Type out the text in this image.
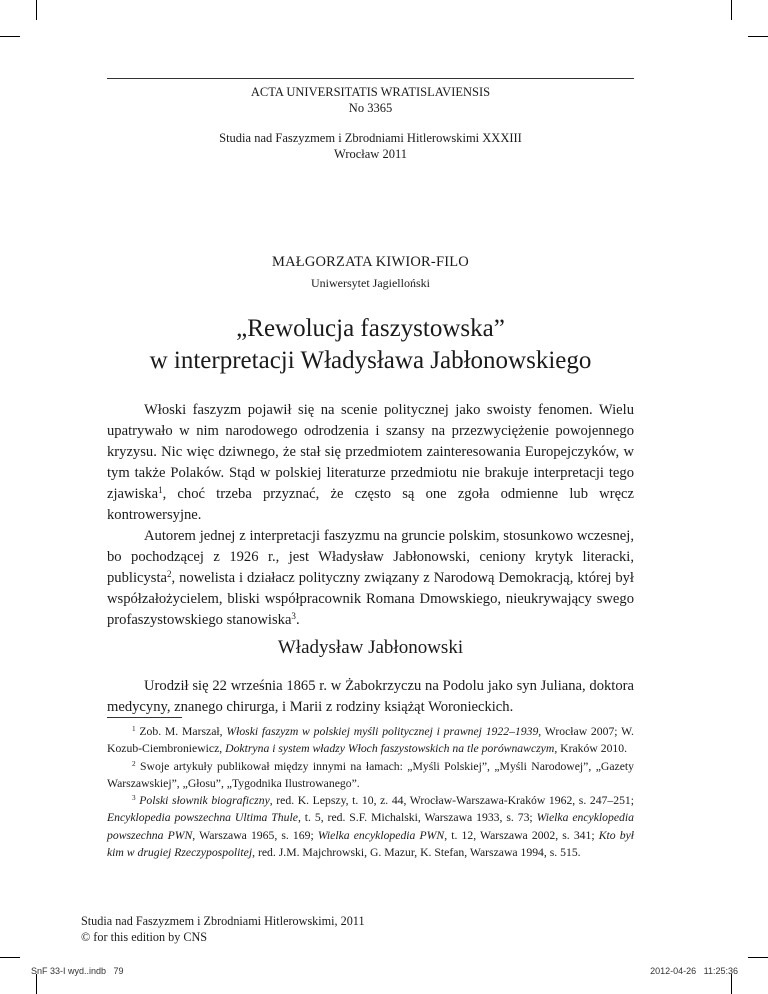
ACTA UNIVERSITATIS WRATISLAVIENSIS
No 3365
Studia nad Faszyzmem i Zbrodniami Hitlerowskimi XXXIII
Wrocław 2011
MAŁGORZATA KIWIOR-FILO
Uniwersytet Jagielloński
„Rewolucja faszystowska”
w interpretacji Władysława Jabłonowskiego

Włoski faszyzm pojawił się na scenie politycznej jako swoisty fenomen. Wielu upatrywało w nim narodowego odrodzenia i szansy na przezwyciężenie powojennego kryzysu. Nic więc dziwnego, że stał się przedmiotem zainteresowania Europejczyków, w tym także Polaków. Stąd w polskiej literaturze przedmiotu nie brakuje interpretacji tego zjawiska$^1$, choć trzeba przyznać, że często są one zgoła odmienne lub wręcz kontrowersyjne.

Autorem jednej z interpretacji faszyzmu na gruncie polskim, stosunkowo wczesnej, bo pochodzącej z 1926 r., jest Władysław Jabłonowski, ceniony krytyk literacki, publicysta$^2$, nowelista i działacz polityczny związany z Narodową Demokracją, której był współzałożycielem, bliski współpracownik Romana Dmowskiego, nieukrywający swego profaszystowskiego stanowiska$^3$.

Władysław Jabłonowski

Urodził się 22 września 1865 r. w Żabokrzyczu na Podolu jako syn Juliana, doktora medycyny, znanego chirurga, i Marii z rodziny książąt Woronieckich.

$^1$ Zob. M. Marszał, Włoski faszyzm w polskiej myśli politycznej i prawnej 1922–1939, Wrocław 2007; W. Kozub-Ciembroniewicz, Doktryna i system władzy Włoch faszystowskich na tle porównawczym, Kraków 2010.

$^2$ Swoje artykuły publikował między innymi na łamach: „Myśli Polskiej”, „Myśli Narodowej”, „Gazety Warszawskiej”, „Głosu”, „Tygodnika Ilustrowanego”.

$^3$ Polski słownik biograficzny, red. K. Lepszy, t. 10, z. 44, Wrocław-Warszawa-Kraków 1962, s. 247–251; Encyklopedia powszechna Ultima Thule, t. 5, red. S.F. Michalski, Warszawa 1933, s. 73; Wielka encyklopedia powszechna PWN, Warszawa 1965, s. 169; Wielka encyklopedia PWN, t. 12, Warszawa 2002, s. 341; Kto był kim w drugiej Rzeczypospolitej, red. J.M. Majchrowski, G. Mazur, K. Stefan, Warszawa 1994, s. 515.

Studia nad Faszyzmem i Zbrodniami Hitlerowskimi, 2011
© for this edition by CNS
SnF 33-I wyd..indb   79	2012-04-26   11:25:36
